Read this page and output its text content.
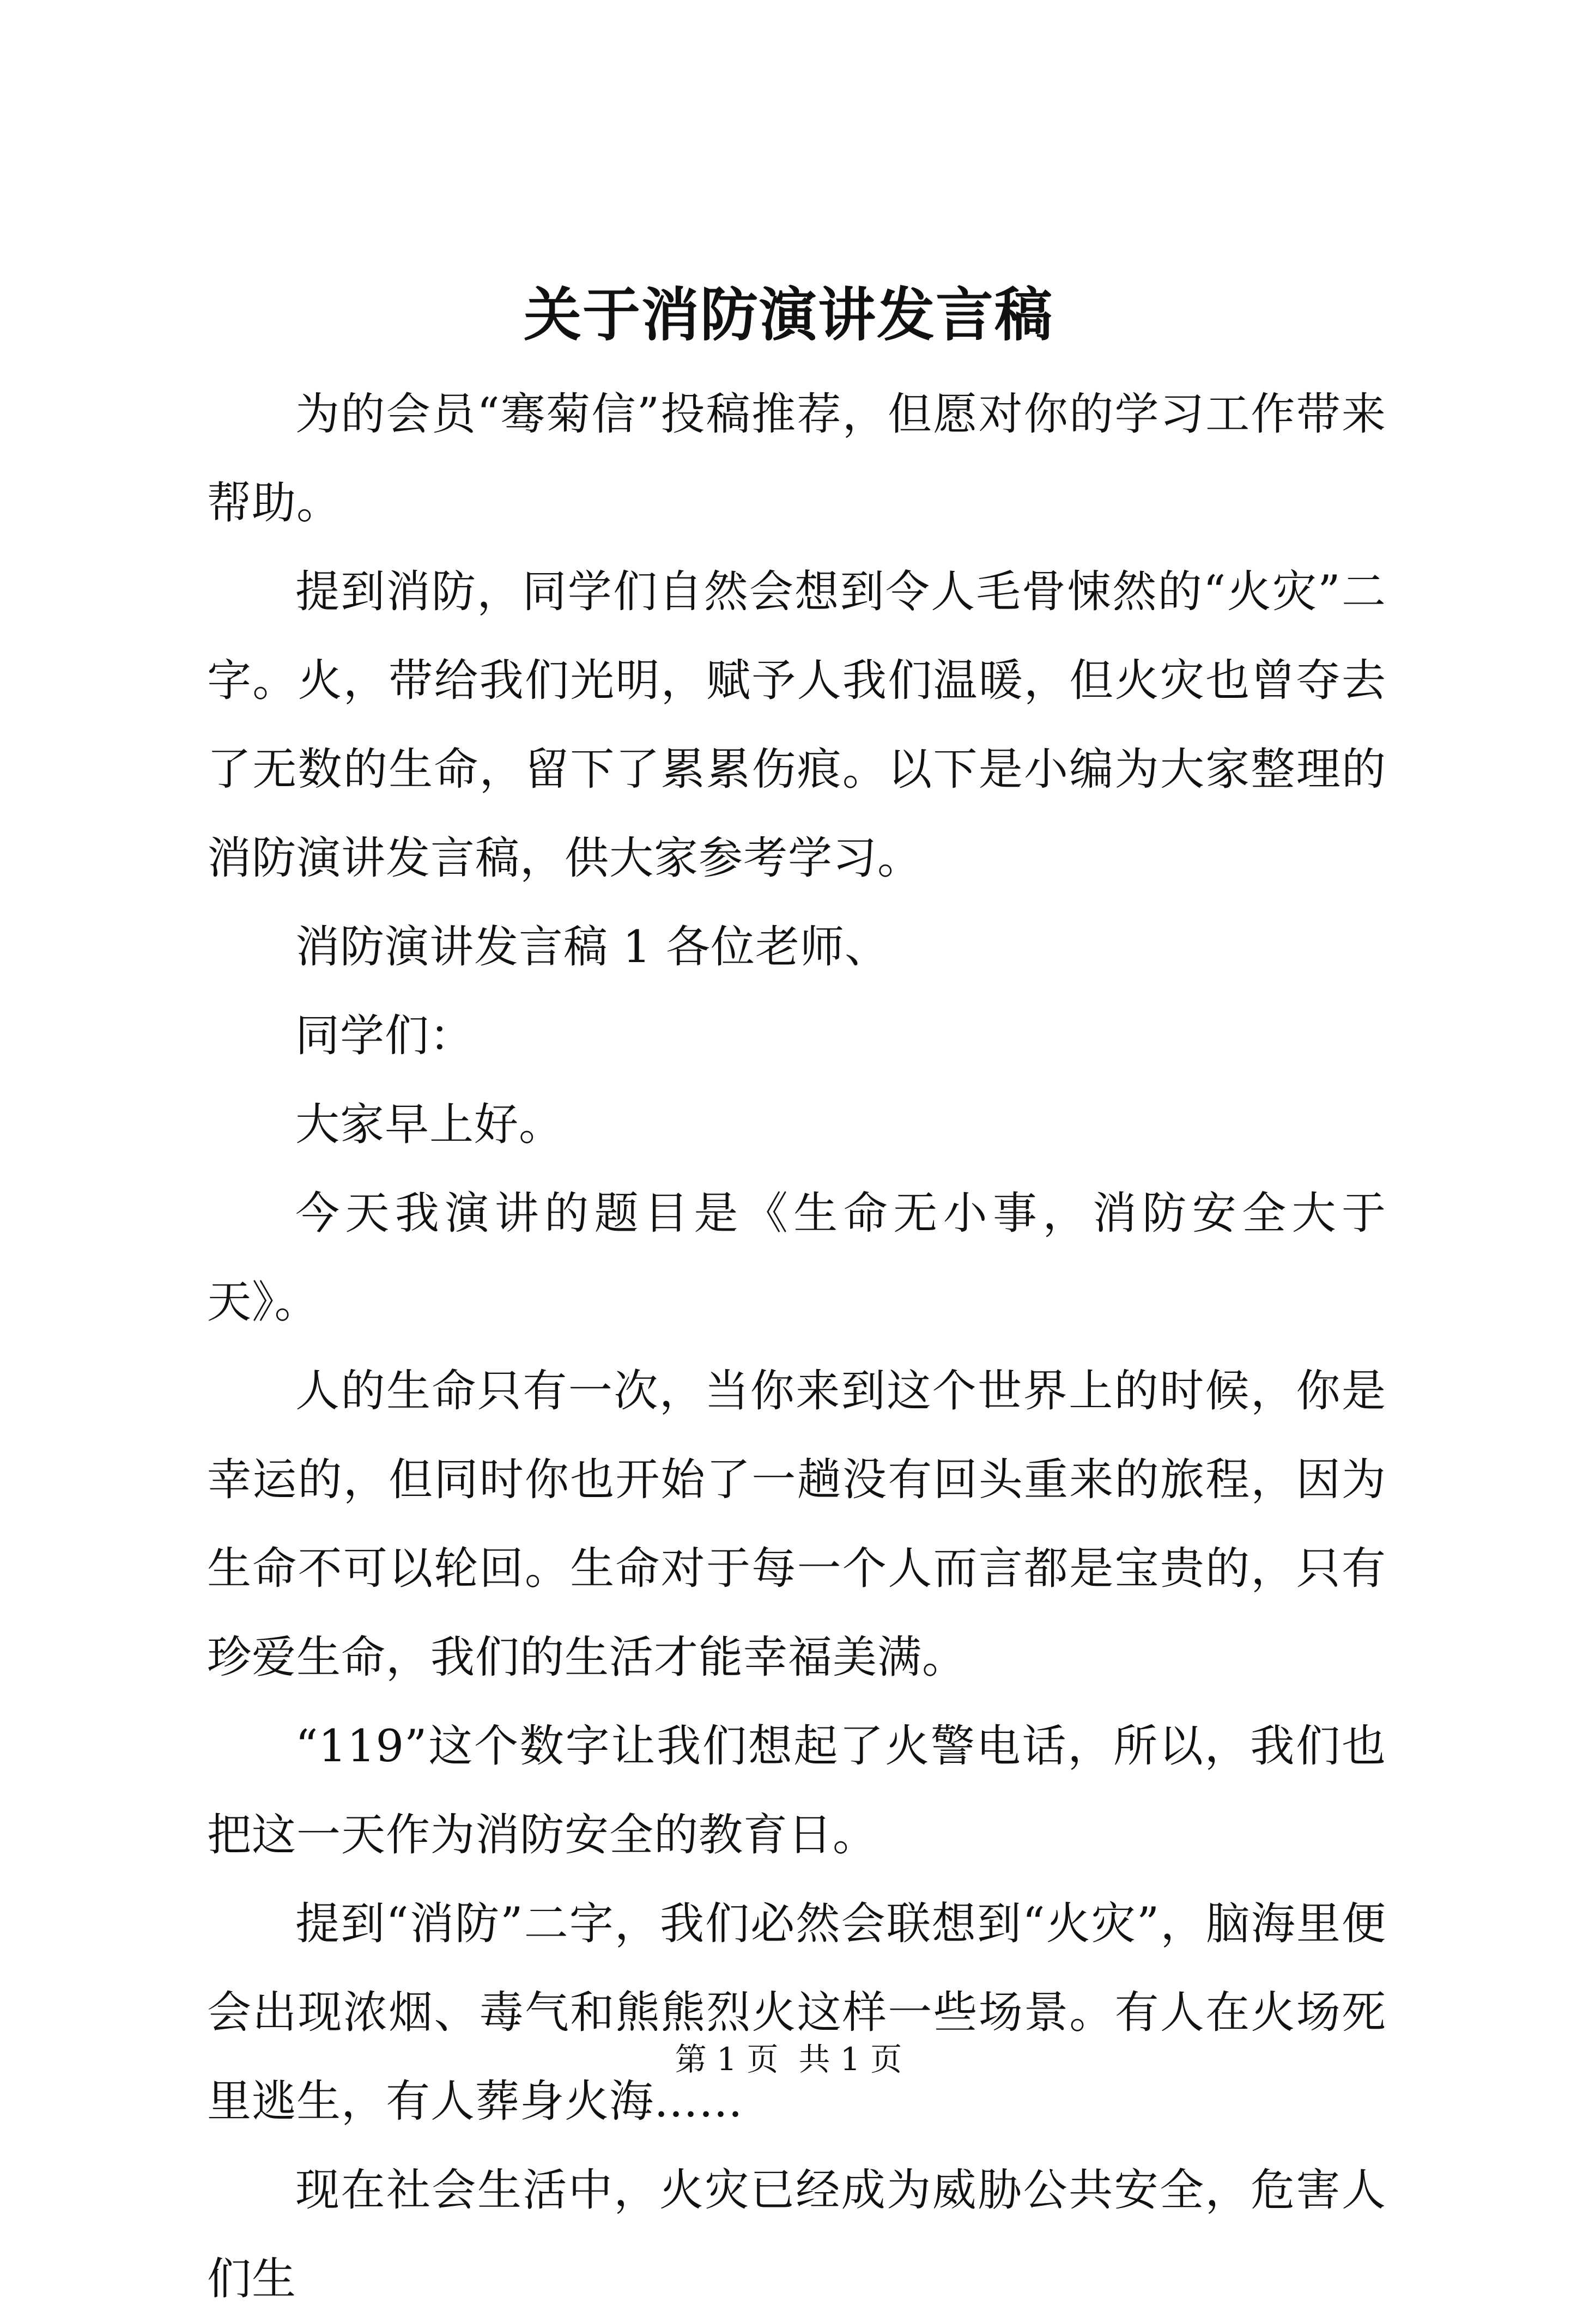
关于消防演讲发言稿

为的会员“骞菊信”投稿推荐，但愿对你的学习工作带来帮助。

提到消防，同学们自然会想到令人毛骨悚然的“火灾”二字。火，带给我们光明，赋予人我们温暖，但火灾也曾夺去了无数的生命，留下了累累伤痕。以下是小编为大家整理的消防演讲发言稿，供大家参考学习。

消防演讲发言稿 1 各位老师、

同学们：

大家早上好。

今天我演讲的题目是《生命无小事，消防安全大于天》。

人的生命只有一次，当你来到这个世界上的时候，你是幸运的，但同时你也开始了一趟没有回头重来的旅程，因为生命不可以轮回。生命对于每一个人而言都是宝贵的，只有珍爱生命，我们的生活才能幸福美满。

“119”这个数字让我们想起了火警电话，所以，我们也把这一天作为消防安全的教育日。

提到“消防”二字，我们必然会联想到“火灾”，脑海里便会出现浓烟、毒气和熊熊烈火这样一些场景。有人在火场死里逃生，有人葬身火海……

现在社会生活中，火灾已经成为威胁公共安全，危害人们生

第 1 页  共 1 页
